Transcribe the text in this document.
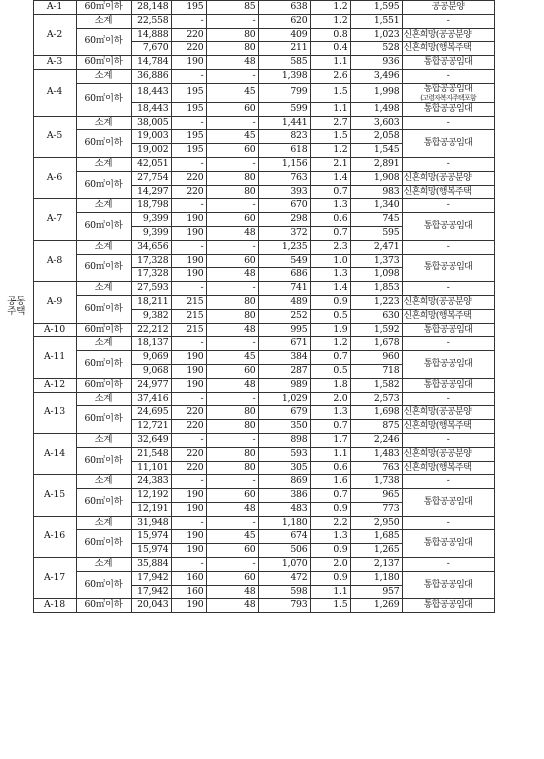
공동
주택	A-1	60㎡이하	28,148	195	85	638	1.2	1,595	공공분양
	A-2	소계	22,558	-	-	620	1.2	1,551	-
		60㎡이하	14,888	220	80	409	0.8	1,023	신혼희망(공공분양
			7,670	220	80	211	0.4	528	신혼희망(행복주택
	A-3	60㎡이하	14,784	190	48	585	1.1	936	통합공공임대
	A-4	소계	36,886	-	-	1,398	2.6	3,496	-
		60㎡이하	18,443	195	45	799	1.5	1,998	통합공공임대
(고령자복지주택포함

			18,443	195	60	599	1.1	1,498	통합공공임대
	A-5	소계	38,005	-	-	1,441	2.7	3,603	-
		60㎡이하	19,003	195	45	823	1.5	2,058	통합공공임대
			19,002	195	60	618	1.2	1,545	
	A-6	소계	42,051	-	-	1,156	2.1	2,891	-
		60㎡이하	27,754	220	80	763	1.4	1,908	신혼희망(공공분양
			14,297	220	80	393	0.7	983	신혼희망(행복주택
	A-7	소계	18,798	-	-	670	1.3	1,340	-
		60㎡이하	9,399	190	60	298	0.6	745	통합공공임대
			9,399	190	48	372	0.7	595	
	A-8	소계	34,656	-	-	1,235	2.3	2,471	-
		60㎡이하	17,328	190	60	549	1.0	1,373	통합공공임대
			17,328	190	48	686	1.3	1,098	
	A-9	소계	27,593	-	-	741	1.4	1,853	-
		60㎡이하	18,211	215	80	489	0.9	1,223	신혼희망(공공분양
			9,382	215	80	252	0.5	630	신혼희망(행복주택
	A-10	60㎡이하	22,212	215	48	995	1.9	1,592	통합공공임대
	A-11	소계	18,137	-	-	671	1.2	1,678	-
		60㎡이하	9,069	190	45	384	0.7	960	통합공공임대
			9,068	190	60	287	0.5	718	
	A-12	60㎡이하	24,977	190	48	989	1.8	1,582	통합공공임대
	A-13	소계	37,416	-	-	1,029	2.0	2,573	-
		60㎡이하	24,695	220	80	679	1.3	1,698	신혼희망(공공분양
			12,721	220	80	350	0.7	875	신혼희망(행복주택
	A-14	소계	32,649	-	-	898	1.7	2,246	-
		60㎡이하	21,548	220	80	593	1.1	1,483	신혼희망(공공분양
			11,101	220	80	305	0.6	763	신혼희망(행복주택
	A-15	소계	24,383	-	-	869	1.6	1,738	-
		60㎡이하	12,192	190	60	386	0.7	965	통합공공임대
			12,191	190	48	483	0.9	773	
	A-16	소계	31,948	-	-	1,180	2.2	2,950	-
		60㎡이하	15,974	190	45	674	1.3	1,685	통합공공임대
			15,974	190	60	506	0.9	1,265	
	A-17	소계	35,884	-	-	1,070	2.0	2,137	-
		60㎡이하	17,942	160	60	472	0.9	1,180	통합공공임대
			17,942	160	48	598	1.1	957	
	A-18	60㎡이하	20,043	190	48	793	1.5	1,269	통합공공임대
